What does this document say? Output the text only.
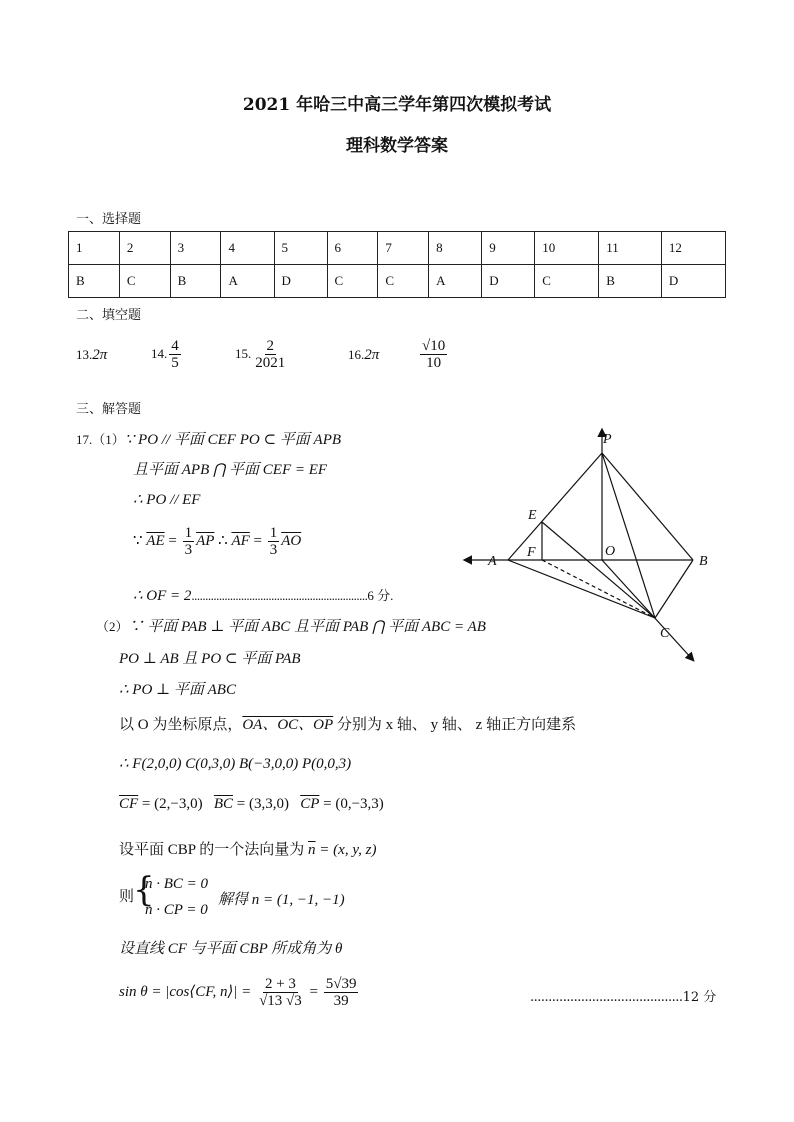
2021 年哈三中高三学年第四次模拟考试
理科数学答案
一、选择题
1	2	3	4	5	6	7	8	9	10	11	12
B	C	B	A	D	C	C	A	D	C	B	D
二、填空题
13.2π	14. $\frac{4}{5}$	15. $\frac{2}{2021}$	16.2π	$\frac{√10}{10}$
三、解答题
17.（1）∵ PO // 平面 CEF PO ⊂ 平面 APB
且平面 APB ⋂ 平面 CEF = EF
∴ PO // EF
∵ $\overline{AE} = \frac{1}{3} \overline{AP}$ ∴ $\overline{AF} = \frac{1}{3} \overline{AO}$
∴ OF = 2................................................................6 分.
（2）∵ 平面 PAB ⊥ 平面 ABC 且平面 PAB ⋂ 平面 ABC = AB
PO ⊥ AB 且 PO ⊂ 平面 PAB
∴ PO ⊥ 平面 ABC
以 O 为坐标原点，OA、OC、OP 分别为 x 轴、 y 轴、 z 轴正方向建系
∴ F(2,0,0) C(0,3,0) B(−3,0,0) P(0,0,3)
$\overline{CF} = (2,-3,0) \overline{BC} = (3,3,0) \overline{CP} = (0,-3,3)$
设平面 CBP 的一个法向量为 $\overline{n} = (x$, y, z)
则
{
n · BC = 0
n · CP = 0
解得 n = (1, −1, −1)
设直线 CF 与平面 CBP 所成角为 θ
sin θ = |cos⟨CF, n⟩| = $\frac{2 + 3}{√13 √3} = \frac{5√39}{39}$	..........................................12 分
P
E
F	O
A	B
C
